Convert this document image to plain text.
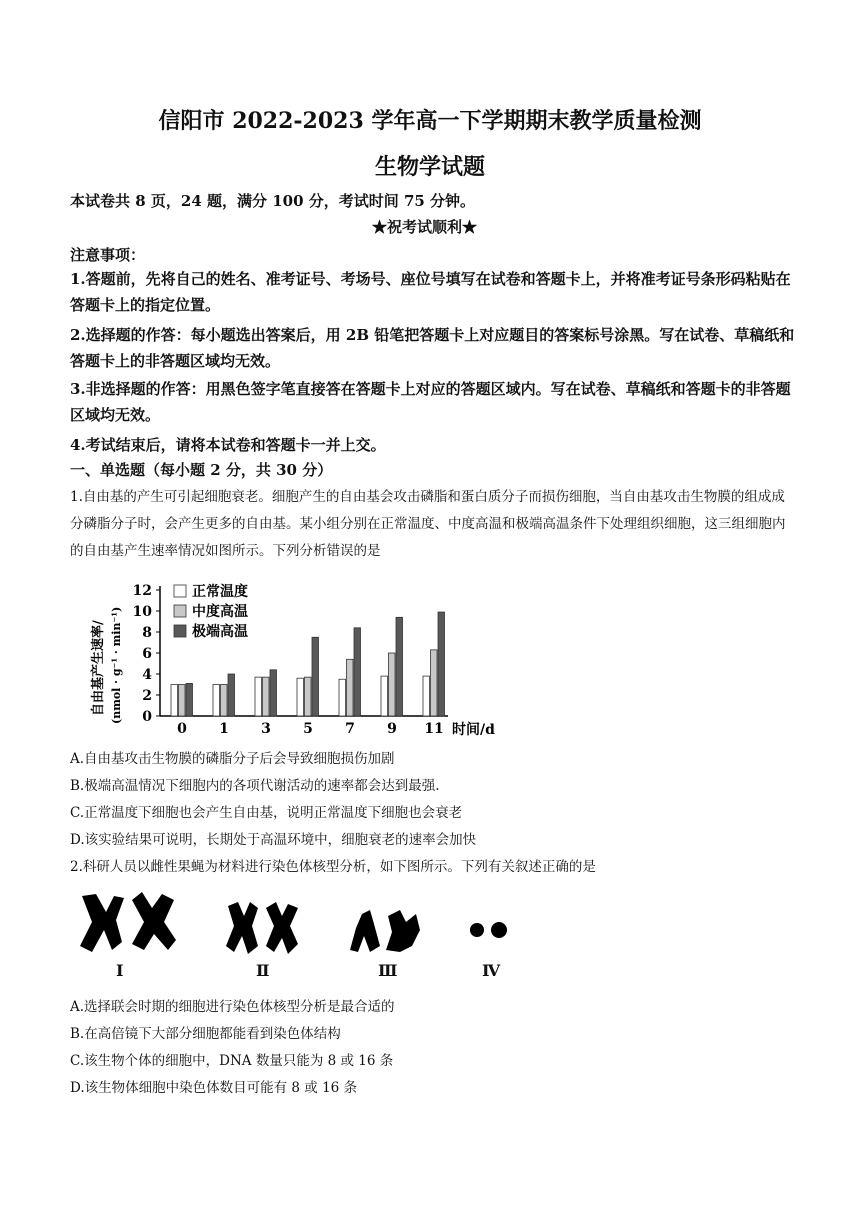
信阳市 2022-2023 学年高一下学期期末教学质量检测
生物学试题
本试卷共 8 页，24 题，满分 100 分，考试时间 75 分钟。
★祝考试顺利★
注意事项：
1.答题前，先将自己的姓名、准考证号、考场号、座位号填写在试卷和答题卡上，并将准考证号条形码粘贴在答题卡上的指定位置。
2.选择题的作答：每小题选出答案后，用 2B 铅笔把答题卡上对应题目的答案标号涂黑。写在试卷、草稿纸和答题卡上的非答题区域均无效。
3.非选择题的作答：用黑色签字笔直接答在答题卡上对应的答题区域内。写在试卷、草稿纸和答题卡的非答题区域均无效。
4.考试结束后，请将本试卷和答题卡一并上交。
一、单选题（每小题 2 分，共 30 分）
1.自由基的产生可引起细胞衰老。细胞产生的自由基会攻击磷脂和蛋白质分子而损伤细胞，当自由基攻击生物膜的组成成分磷脂分子时，会产生更多的自由基。某小组分别在正常温度、中度高温和极端高温条件下处理组织细胞，这三组细胞内的自由基产生速率情况如图所示。下列分析错误的是
0
2
4
6
8
10
12
0 1 3 5 7 9 11
正常温度
中度高温
极端高温
自由基产生速率/ (nmol · g⁻¹ · min⁻¹)
时间/d
A.自由基攻击生物膜的磷脂分子后会导致细胞损伤加剧
B.极端高温情况下细胞内的各项代谢活动的速率都会达到最强.
C.正常温度下细胞也会产生自由基，说明正常温度下细胞也会衰老
D.该实验结果可说明，长期处于高温环境中，细胞衰老的速率会加快
2.科研人员以雌性果蝇为材料进行染色体核型分析，如下图所示。下列有关叙述正确的是
Ⅰ	Ⅱ	Ⅲ	Ⅳ
A.选择联会时期的细胞进行染色体核型分析是最合适的
B.在高倍镜下大部分细胞都能看到染色体结构
C.该生物个体的细胞中，DNA 数量只能为 8 或 16 条
D.该生物体细胞中染色体数目可能有 8 或 16 条
